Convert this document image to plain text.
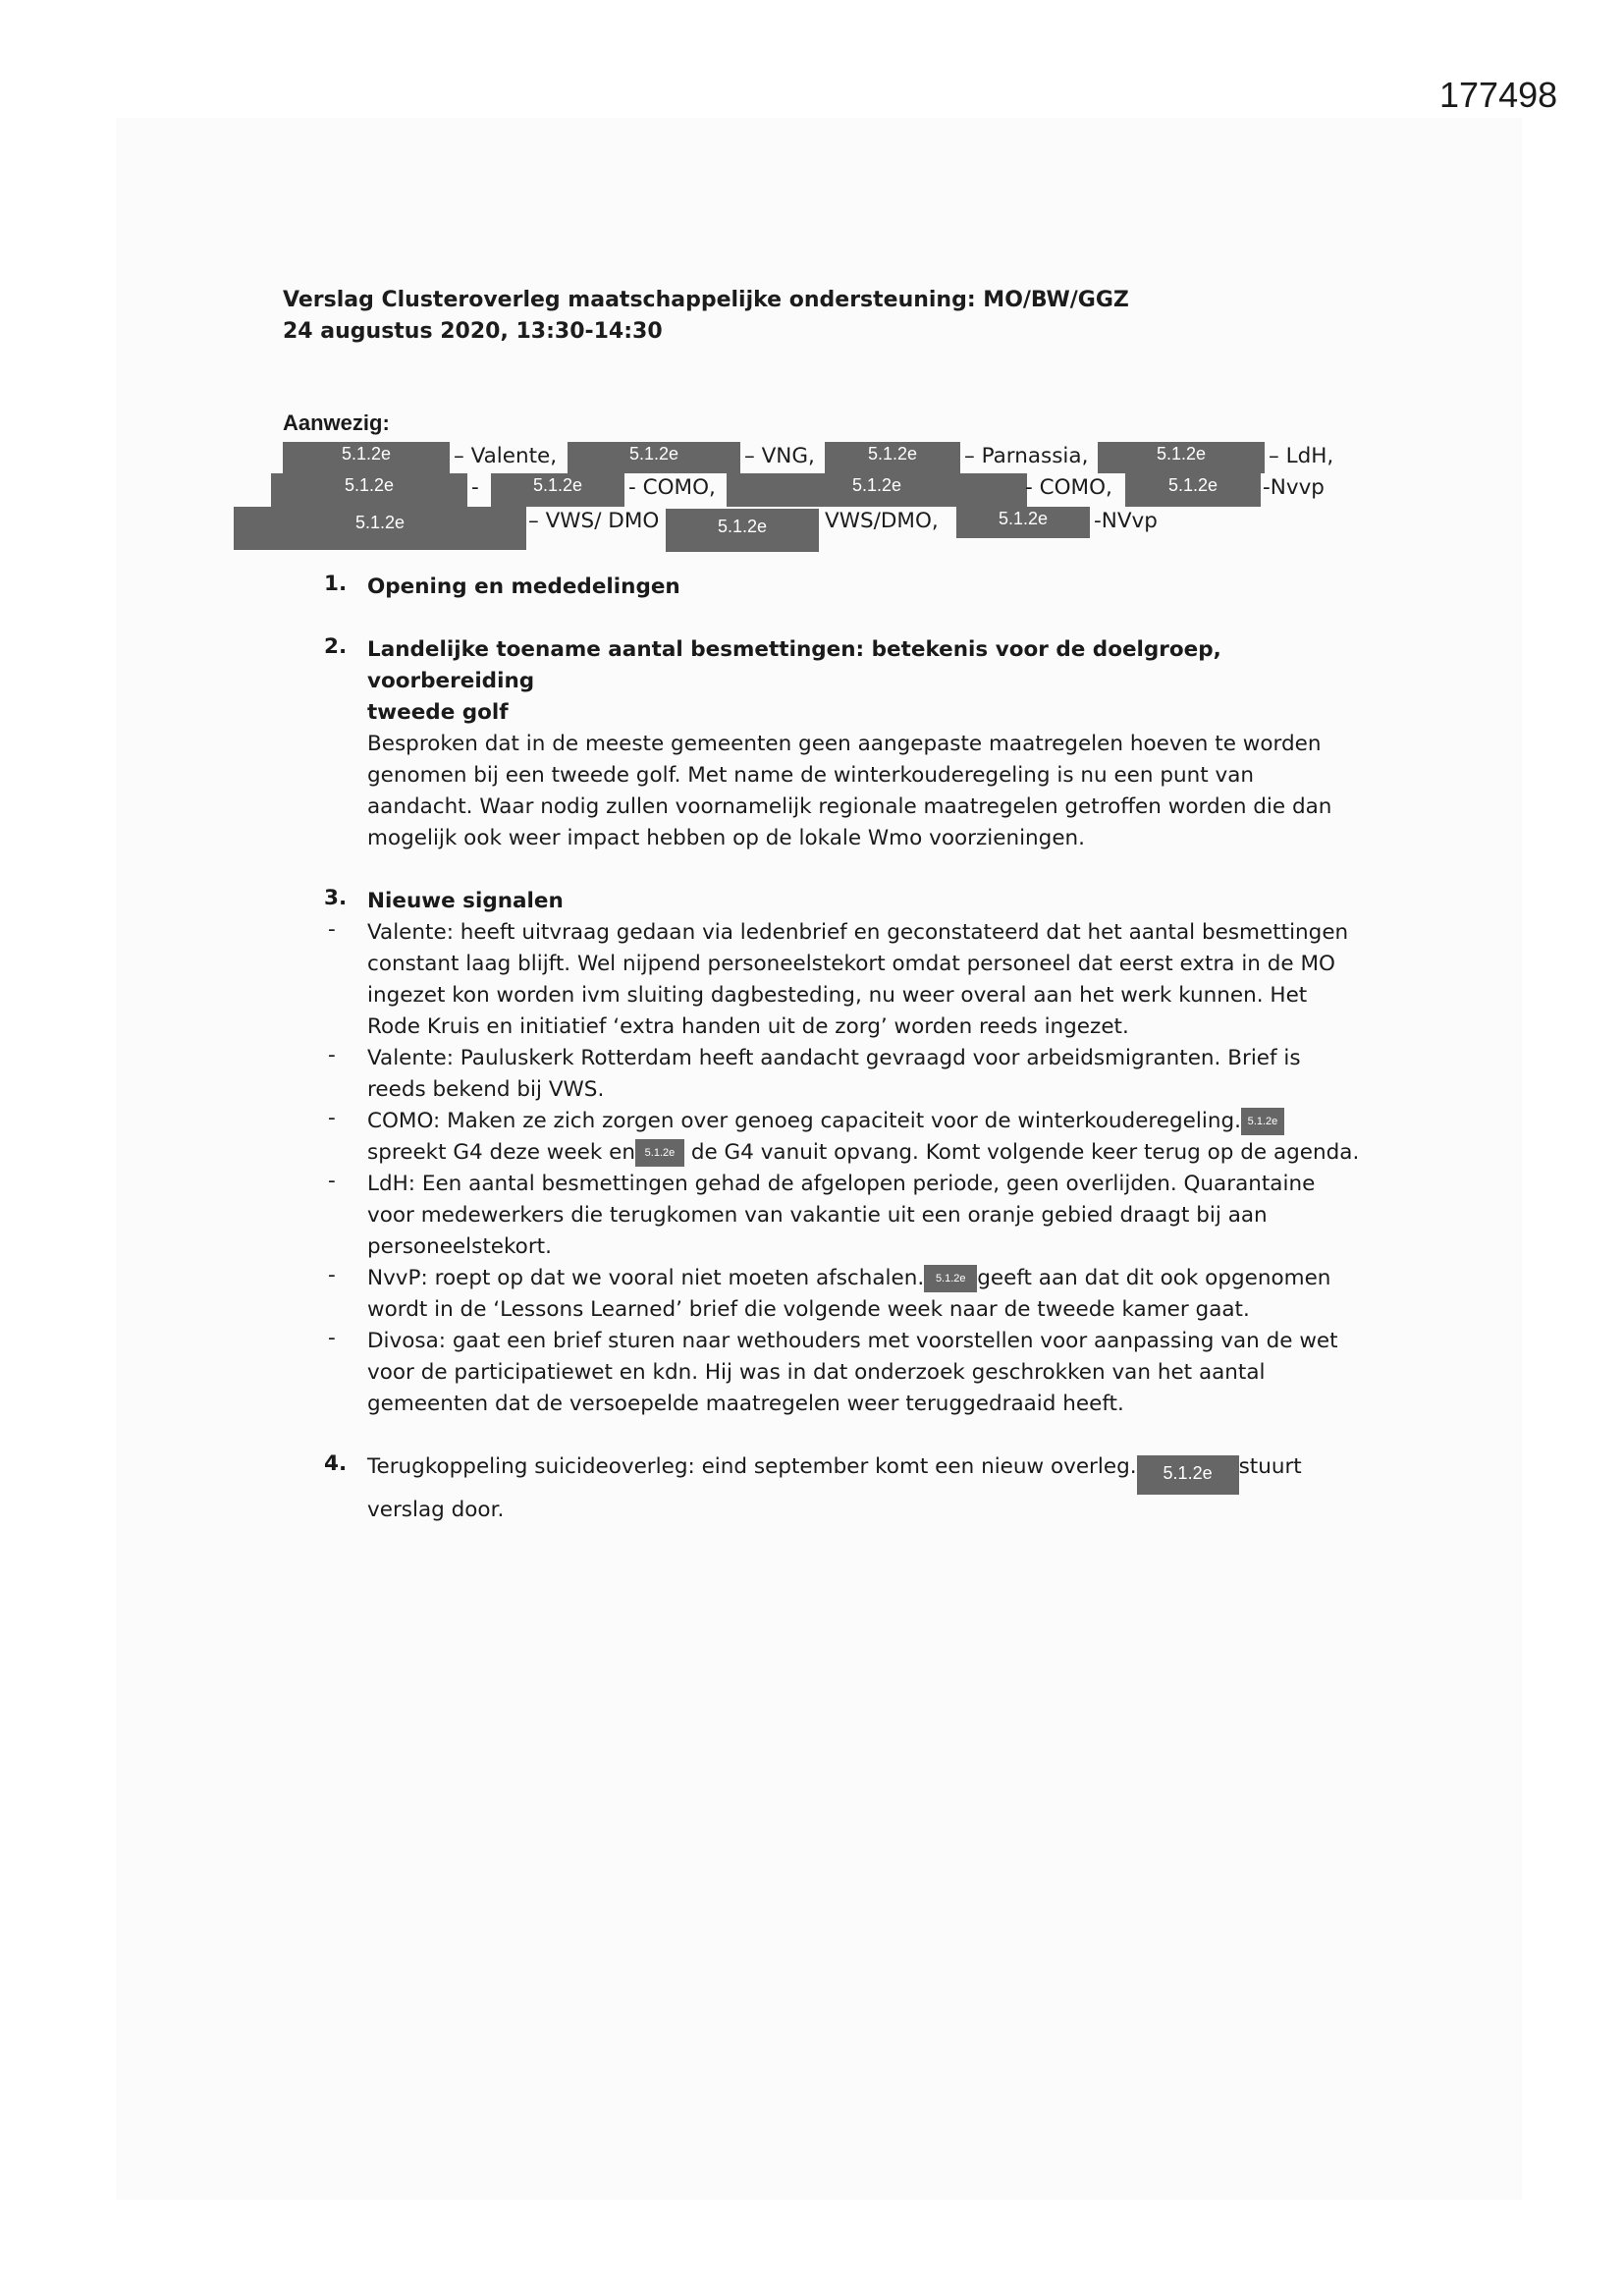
177498
Verslag Clusteroverleg maatschappelijke ondersteuning: MO/BW/GGZ
24 augustus 2020, 13:30-14:30
Aanwezig:
5.1.2e	– Valente,	5.1.2e	– VNG,	5.1.2e	– Parnassia,	5.1.2e	– LdH,
5.1.2e	-	5.1.2e	- COMO,	5.1.2e	- COMO,	5.1.2e	-Nvvp
5.1.2e	– VWS/ DMO	5.1.2e	VWS/DMO,	5.1.2e	-NVvp
1. Opening en mededelingen
2. Landelijke toename aantal besmettingen: betekenis voor de doelgroep, voorbereiding
tweede golf
Besproken dat in de meeste gemeenten geen aangepaste maatregelen hoeven te worden
genomen bij een tweede golf. Met name de winterkouderegeling is nu een punt van
aandacht. Waar nodig zullen voornamelijk regionale maatregelen getroffen worden die dan
mogelijk ook weer impact hebben op de lokale Wmo voorzieningen.
3. Nieuwe signalen
- Valente: heeft uitvraag gedaan via ledenbrief en geconstateerd dat het aantal besmettingen
constant laag blijft. Wel nijpend personeelstekort omdat personeel dat eerst extra in de MO
ingezet kon worden ivm sluiting dagbesteding, nu weer overal aan het werk kunnen. Het
Rode Kruis en initiatief ‘extra handen uit de zorg’ worden reeds ingezet.
- Valente: Pauluskerk Rotterdam heeft aandacht gevraagd voor arbeidsmigranten. Brief is
reeds bekend bij VWS.
- COMO: Maken ze zich zorgen over genoeg capaciteit voor de winterkouderegeling. 5.1.2e
spreekt G4 deze week en 5.1.2e de G4 vanuit opvang. Komt volgende keer terug op de agenda.
- LdH: Een aantal besmettingen gehad de afgelopen periode, geen overlijden. Quarantaine
voor medewerkers die terugkomen van vakantie uit een oranje gebied draagt bij aan
personeelstekort.
- NvvP: roept op dat we vooral niet moeten afschalen. 5.1.2e geeft aan dat dit ook opgenomen
wordt in de ‘Lessons Learned’ brief die volgende week naar de tweede kamer gaat.
- Divosa: gaat een brief sturen naar wethouders met voorstellen voor aanpassing van de wet
voor de participatiewet en kdn. Hij was in dat onderzoek geschrokken van het aantal
gemeenten dat de versoepelde maatregelen weer teruggedraaid heeft.
4. Terugkoppeling suicideoverleg: eind september komt een nieuw overleg. 5.1.2e stuurt
verslag door.
